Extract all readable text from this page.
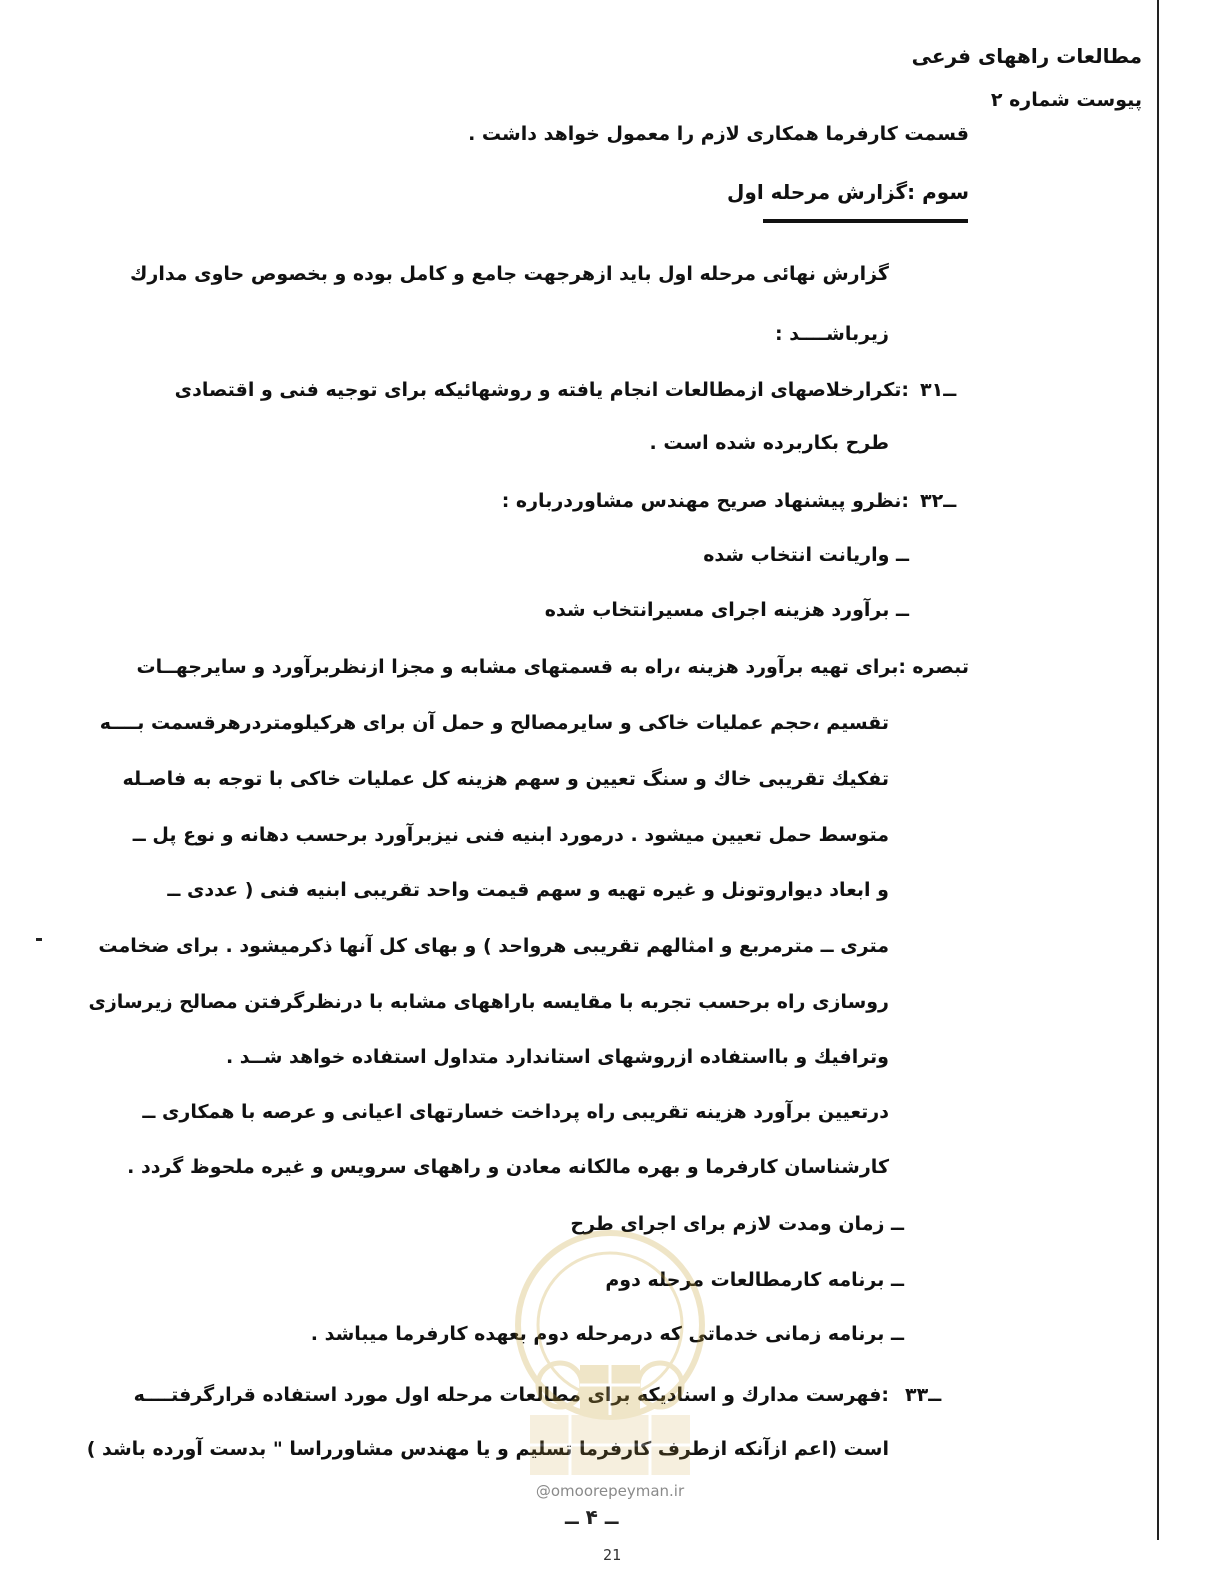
مطالعات راههای فرعی
پیوست شماره ۲
قسمت کارفرما همکاری لازم را معمول خواهد داشت .
سوم :گزارش مرحله اول
گزارش نهائی مرحله اول باید ازهرجهت جامع و کامل بوده و بخصوص حاوی مدارك
زیرباشــــد :
۳ــ۱
:تکرارخلاصهای ازمطالعات انجام یافته و روشهائیکه برای توجیه فنی و اقتصادی
طرح بکاربرده شده است .
۳ــ۲
:نظرو پیشنهاد صریح مهندس مشاوردرباره :
ــ واریانت انتخاب شده
ــ برآورد هزینه اجرای مسیرانتخاب شده
تبصره
:برای تهیه برآورد هزینه ،راه به قسمتهای مشابه و مجزا ازنظربرآورد و سایرجهــات
تقسیم ،حجم عملیات خاکی و سایرمصالح و حمل آن برای هرکیلومتردرهرقسمت بــــه
تفکیك تقریبی خاك و سنگ تعیین و سهم هزینه کل عملیات خاکی با توجه به فاصـله
متوسط حمل تعیین میشود . درمورد ابنیه فنی نیزبرآورد برحسب دهانه و نوع پل ــ
و ابعاد دیواروتونل و غیره تهیه و سهم قیمت واحد تقریبی ابنیه فنی ( عددی ــ
متری ــ مترمربع و امثالهم تقریبی هرواحد ) و بهای کل آنها ذکرمیشود . برای ضخامت
روسازی راه برحسب تجربه با مقایسه باراههای مشابه با درنظرگرفتن مصالح زیرسازی
وترافیك و بااستفاده ازروشهای استاندارد متداول استفاده خواهد شــد .
درتعیین برآورد هزینه تقریبی راه پرداخت خسارتهای اعیانی و عرصه با همکاری ــ
کارشناسان کارفرما و بهره مالکانه معادن و راههای سرویس و غیره ملحوظ گردد .
ــ زمان ومدت لازم برای اجرای طرح
ــ برنامه کارمطالعات مرحله دوم
ــ برنامه زمانی خدماتی که درمرحله دوم بعهده کارفرما میباشد .
۳ــ۳
:فهرست مدارك و اسنادیکه برای مطالعات مرحله اول مورد استفاده قرارگرفتــــه
است (اعم ازآنکه ازطرف کارفرما تسلیم و یا مهندس مشاورراسا " بدست آورده باشد )
@omoorepeyman.ir
ــ ۴ ــ
21
